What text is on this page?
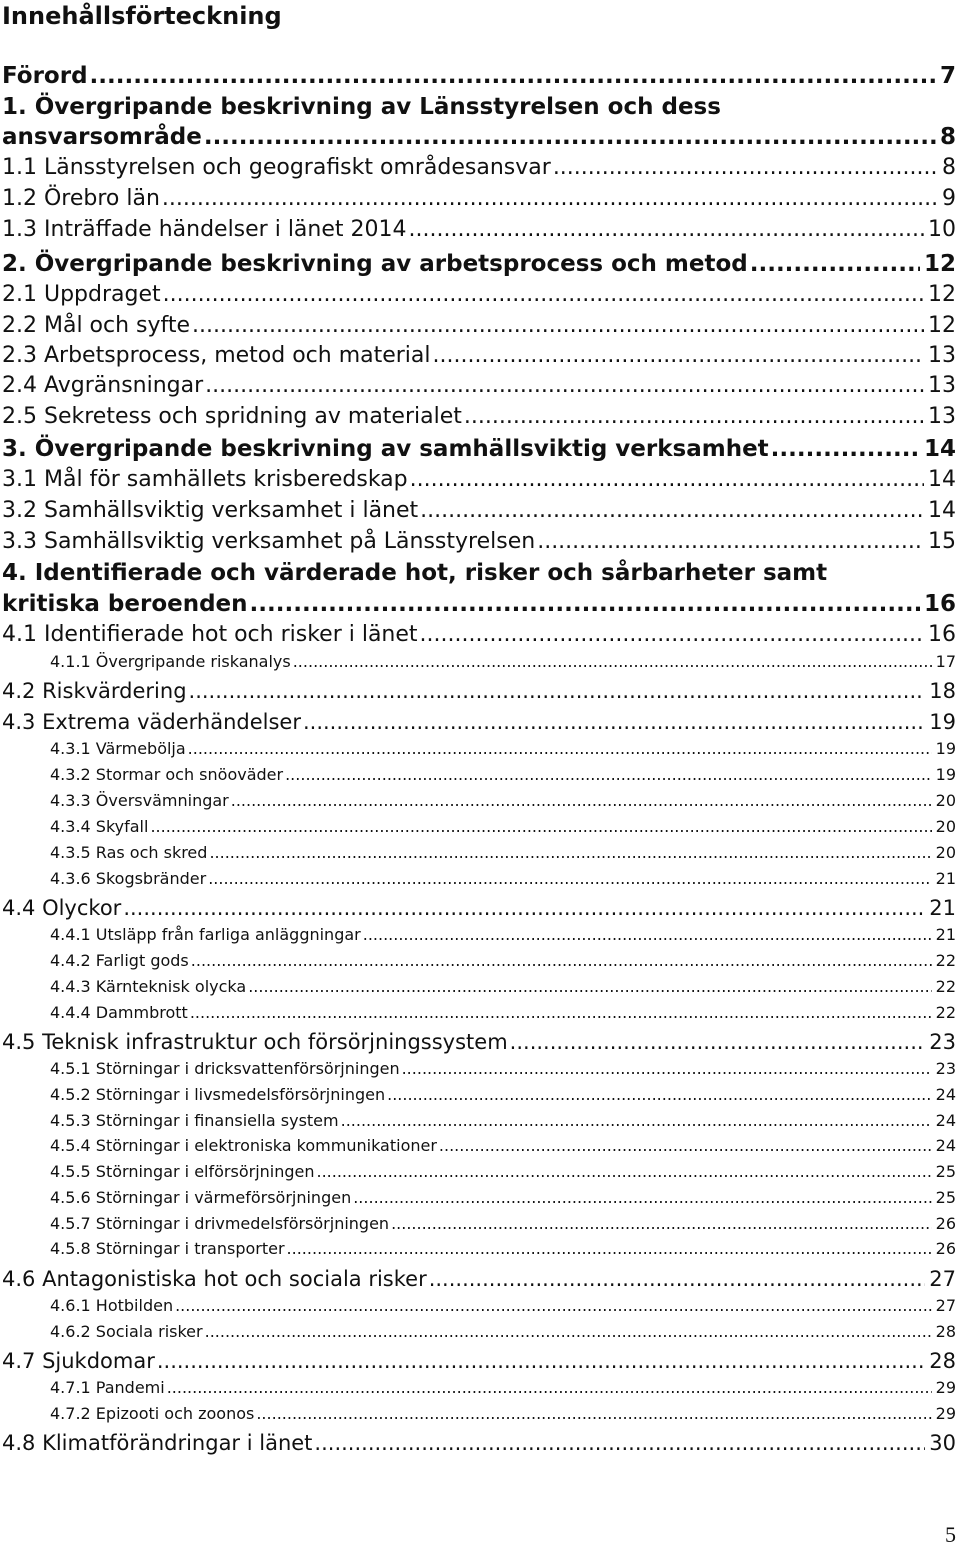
Innehållsförteckning
Förord .....	7
1. Övergripande beskrivning av Länsstyrelsen och dess
ansvarsområde .....	8
1.1 Länsstyrelsen och geografiskt områdesansvar .....	8
1.2 Örebro län .....	9
1.3 Inträffade händelser i länet 2014 .....	10
2. Övergripande beskrivning av arbetsprocess och metod .....	12
2.1 Uppdraget .....	12
2.2 Mål och syfte .....	12
2.3 Arbetsprocess, metod och material .....	13
2.4 Avgränsningar .....	13
2.5 Sekretess och spridning av materialet .....	13
3. Övergripande beskrivning av samhällsviktig verksamhet .....	14
3.1 Mål för samhällets krisberedskap .....	14
3.2 Samhällsviktig verksamhet i länet .....	14
3.3 Samhällsviktig verksamhet på Länsstyrelsen .....	15
4. Identifierade och värderade hot, risker och sårbarheter samt
kritiska beroenden .....	16
4.1 Identifierade hot och risker i länet .....	16
4.1.1 Övergripande riskanalys .....	17
4.2 Riskvärdering .....	18
4.3 Extrema väderhändelser .....	19
4.3.1 Värmebölja .....	19
4.3.2 Stormar och snöoväder .....	19
4.3.3 Översvämningar .....	20
4.3.4 Skyfall .....	20
4.3.5 Ras och skred .....	20
4.3.6 Skogsbränder .....	21
4.4 Olyckor .....	21
4.4.1 Utsläpp från farliga anläggningar .....	21
4.4.2 Farligt gods .....	22
4.4.3 Kärnteknisk olycka .....	22
4.4.4 Dammbrott .....	22
4.5 Teknisk infrastruktur och försörjningssystem .....	23
4.5.1 Störningar i dricksvattenförsörjningen .....	23
4.5.2 Störningar i livsmedelsförsörjningen .....	24
4.5.3 Störningar i finansiella system .....	24
4.5.4 Störningar i elektroniska kommunikationer .....	24
4.5.5 Störningar i elförsörjningen .....	25
4.5.6 Störningar i värmeförsörjningen .....	25
4.5.7 Störningar i drivmedelsförsörjningen .....	26
4.5.8 Störningar i transporter .....	26
4.6 Antagonistiska hot och sociala risker .....	27
4.6.1 Hotbilden .....	27
4.6.2 Sociala risker .....	28
4.7 Sjukdomar .....	28
4.7.1 Pandemi .....	29
4.7.2 Epizooti och zoonos .....	29
4.8 Klimatförändringar i länet .....	30
5
